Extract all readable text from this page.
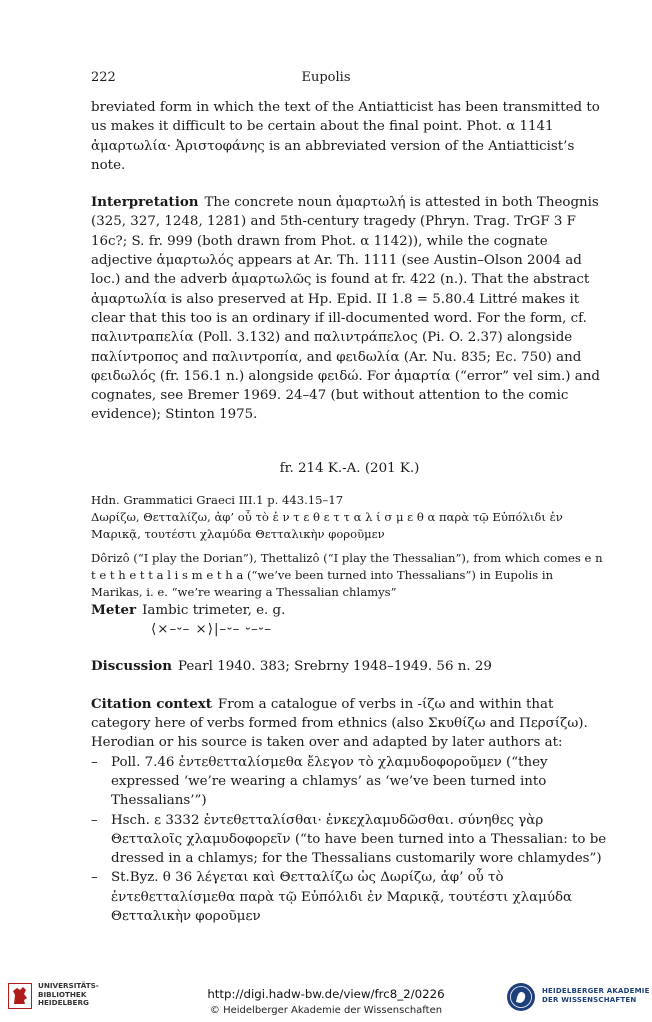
222	Eupolis

breviated form in which the text of the Antiatticist has been transmitted to us makes it difficult to be certain about the final point. Phot. α 1141 ἁμαρτωλία· Ἀριστοφάνης is an abbreviated version of the Antiatticist’s note.

Interpretation The concrete noun ἁμαρτωλή is attested in both Theognis (325, 327, 1248, 1281) and 5th-century tragedy (Phryn. Trag. TrGF 3 F 16c?; S. fr. 999 (both drawn from Phot. α 1142)), while the cognate adjective ἁμαρτωλός appears at Ar. Th. 1111 (see Austin–Olson 2004 ad loc.) and the adverb ἁμαρτωλῶς is found at fr. 422 (n.). That the abstract ἁμαρτωλία is also preserved at Hp. Epid. II 1.8 = 5.80.4 Littré makes it clear that this too is an ordinary if ill-documented word. For the form, cf. παλιντραπελία (Poll. 3.132) and παλιντράπελος (Pi. O. 2.37) alongside παλίντροπος and παλιντροπία, and φειδωλία (Ar. Nu. 835; Ec. 750) and φειδωλός (fr. 156.1 n.) alongside φειδώ. For ἁμαρτία (“error” vel sim.) and cognates, see Bremer 1969. 24–47 (but without attention to the comic evidence); Stinton 1975.

fr. 214 K.-A. (201 K.)

Hdn. Grammatici Graeci III.1 p. 443.15–17

Δωρίζω, Θετταλίζω, ἀφ’ οὗ τὸ ἐ ν τ ε θ ε τ τ α λ ί σ μ ε θ α παρὰ τῷ Εὐπόλιδι ἐν Μαρικᾷ, τουτέστι χλαμύδα Θετταλικὴν φοροῦμεν

Dôrizô (“I play the Dorian”), Thettalizô (“I play the Thessalian”), from which comes e n t e t h e t t a l i s m e t h a (“we’ve been turned into Thessalians”) in Eupolis in Marikas, i. e. “we’re wearing a Thessalian chlamys”

Meter Iambic trimeter, e. g.

⟨×–⏑– ×⟩|–⏑– ⏑–⏑–

Discussion Pearl 1940. 383; Srebrny 1948–1949. 56 n. 29

Citation context From a catalogue of verbs in -ίζω and within that category here of verbs formed from ethnics (also Σκυθίζω and Περσίζω). Herodian or his source is taken over and adapted by later authors at:

– Poll. 7.46 ἐντεθετταλίσμεθα ἔλεγον τὸ χλαμυδοφοροῦμεν (“they expressed ‘we’re wearing a chlamys’ as ‘we’ve been turned into Thessalians’”)
– Hsch. ε 3332 ἐντεθετταλίσθαι· ἐνκεχλαμυδῶσθαι. σύνηθες γὰρ Θετταλοῖς χλαμυδοφορεῖν (“to have been turned into a Thessalian: to be dressed in a chlamys; for the Thessalians customarily wore chlamydes”)
– St.Byz. θ 36 λέγεται καὶ Θετταλίζω ὡς Δωρίζω, ἀφ’ οὗ τὸ ἐντεθετταλίσμεθα παρὰ τῷ Εὐπόλιδι ἐν Μαρικᾷ, τουτέστι χλαμύδα Θετταλικὴν φοροῦμεν
UNIVERSITÄTS-
BIBLIOTHEK
HEIDELBERG
http://digi.hadw-bw.de/view/frc8_2/0226
© Heidelberger Akademie der Wissenschaften
HEIDELBERGER AKADEMIE
DER WISSENSCHAFTEN
